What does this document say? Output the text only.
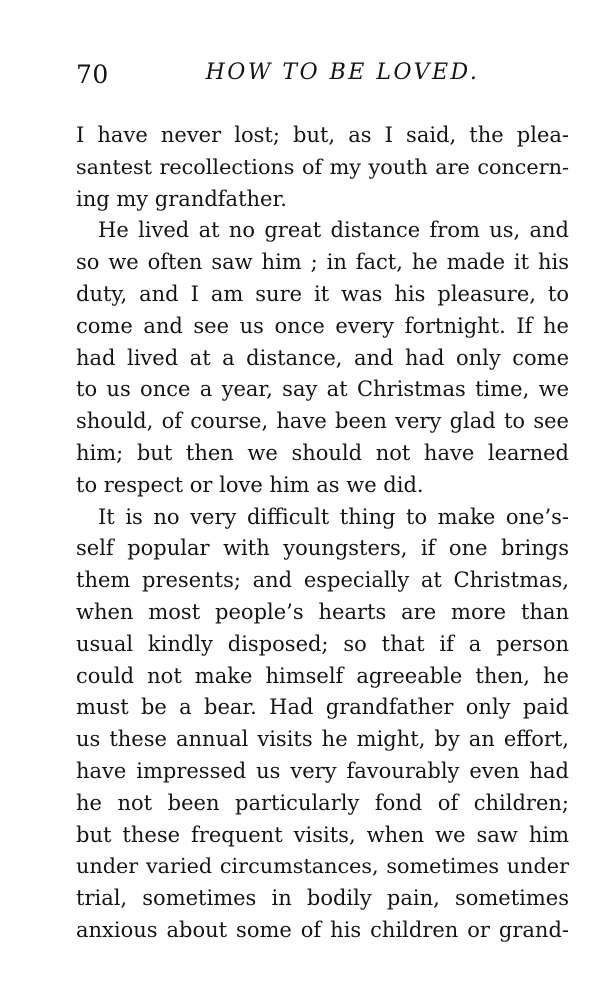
70	HOW TO BE LOVED.
I have never lost; but, as I said, the plea-
santest recollections of my youth are concern-
ing my grandfather.
He lived at no great distance from us, and
so we often saw him ; in fact, he made it his
duty, and I am sure it was his pleasure, to
come and see us once every fortnight. If he
had lived at a distance, and had only come
to us once a year, say at Christmas time, we
should, of course, have been very glad to see
him; but then we should not have learned
to respect or love him as we did.
It is no very difficult thing to make one’s-
self popular with youngsters, if one brings
them presents; and especially at Christmas,
when most people’s hearts are more than
usual kindly disposed; so that if a person
could not make himself agreeable then, he
must be a bear. Had grandfather only paid
us these annual visits he might, by an effort,
have impressed us very favourably even had
he not been particularly fond of children;
but these frequent visits, when we saw him
under varied circumstances, sometimes under
trial, sometimes in bodily pain, sometimes
anxious about some of his children or grand-
